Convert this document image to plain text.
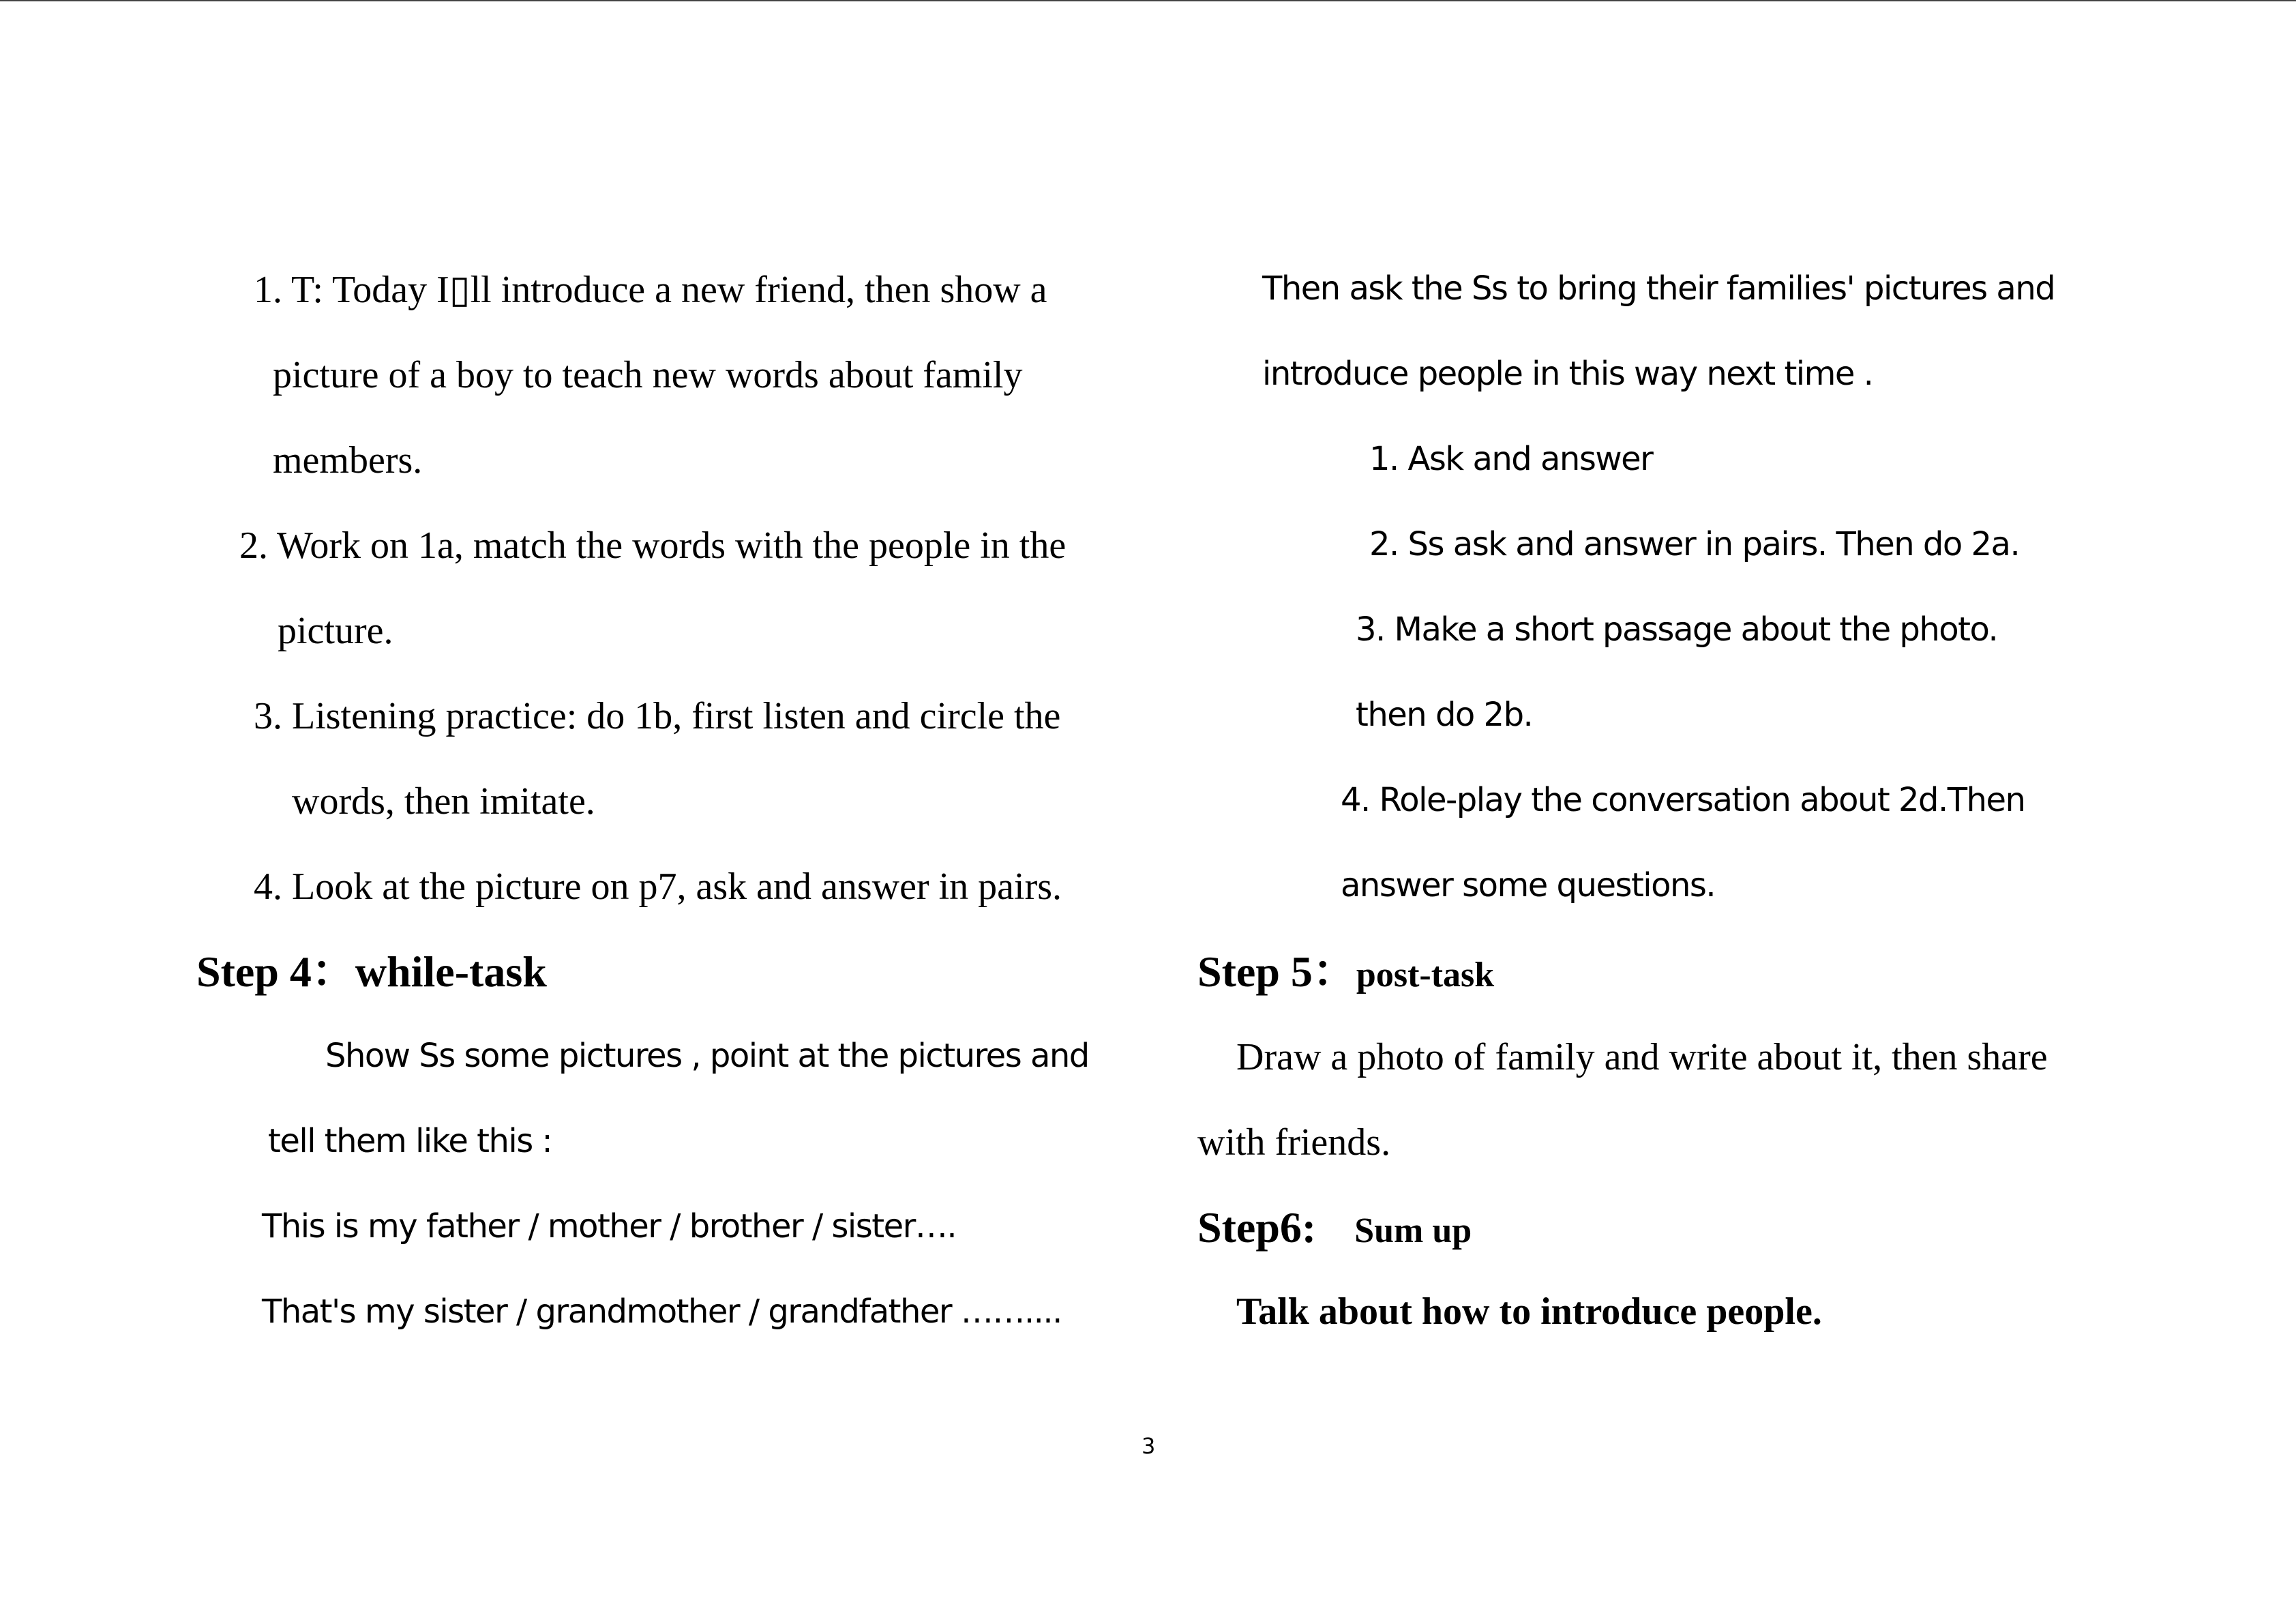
1. T: Today I▯ll introduce a new friend, then show a
picture of a boy to teach new words about family
members.
2. Work on 1a, match the words with the people in the
picture.
3. Listening practice: do 1b, first listen and circle the
words, then imitate.
4. Look at the picture on p7, ask and answer in pairs.
Step 4：while-task
Show Ss some pictures , point at the pictures and
tell them like this :
This is my father / mother / brother / sister….
That's my sister / grandmother / grandfather ……....
Then ask the Ss to bring their families' pictures and
introduce people in this way next time .
1. Ask and answer
2. Ss ask and answer in pairs. Then do 2a.
3. Make a short passage about the photo.
then do 2b.
4. Role-play the conversation about 2d.Then
answer some questions.
Step 5：post-task
Draw a photo of family and write about it, then share
with friends.
Step6: Sum up
Talk about how to introduce people.
3
